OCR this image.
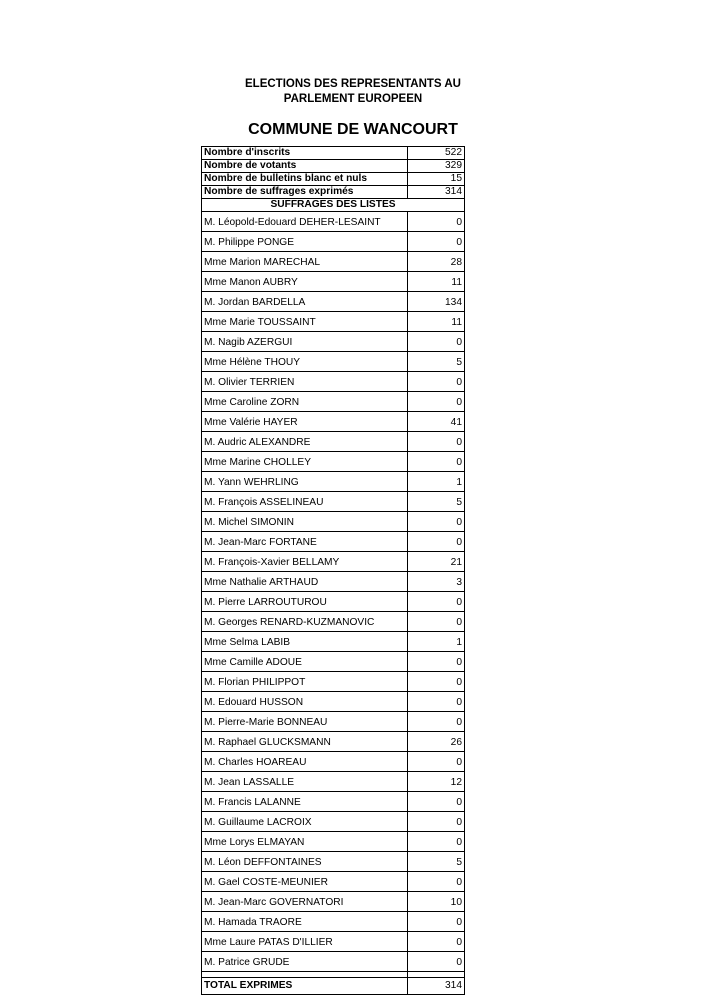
ELECTIONS DES REPRESENTANTS AU
PARLEMENT EUROPEEN
COMMUNE DE WANCOURT
Nombre d'inscrits	522
Nombre de votants	329
Nombre de bulletins blanc et nuls	15
Nombre de suffrages exprimés	314
SUFFRAGES DES LISTES	
M. Léopold-Edouard DEHER-LESAINT	0
M. Philippe PONGE	0
Mme Marion MARECHAL	28
Mme Manon AUBRY	11
M. Jordan BARDELLA	134
Mme Marie TOUSSAINT	11
M. Nagib AZERGUI	0
Mme Hélène THOUY	5
M. Olivier TERRIEN	0
Mme Caroline ZORN	0
Mme Valérie HAYER	41
M. Audric ALEXANDRE	0
Mme Marine CHOLLEY	0
M. Yann WEHRLING	1
M. François ASSELINEAU	5
M. Michel SIMONIN	0
M. Jean-Marc FORTANE	0
M. François-Xavier BELLAMY	21
Mme Nathalie ARTHAUD	3
M. Pierre LARROUTUROU	0
M. Georges RENARD-KUZMANOVIC	0
Mme Selma LABIB	1
Mme Camille ADOUE	0
M. Florian PHILIPPOT	0
M. Edouard HUSSON	0
M. Pierre-Marie BONNEAU	0
M. Raphael GLUCKSMANN	26
M. Charles HOAREAU	0
M. Jean LASSALLE	12
M. Francis LALANNE	0
M. Guillaume LACROIX	0
Mme Lorys ELMAYAN	0
M. Léon DEFFONTAINES	5
M. Gael COSTE-MEUNIER	0
M. Jean-Marc GOVERNATORI	10
M. Hamada TRAORE	0
Mme Laure PATAS D'ILLIER	0
M. Patrice GRUDE	0

TOTAL EXPRIMES	314
